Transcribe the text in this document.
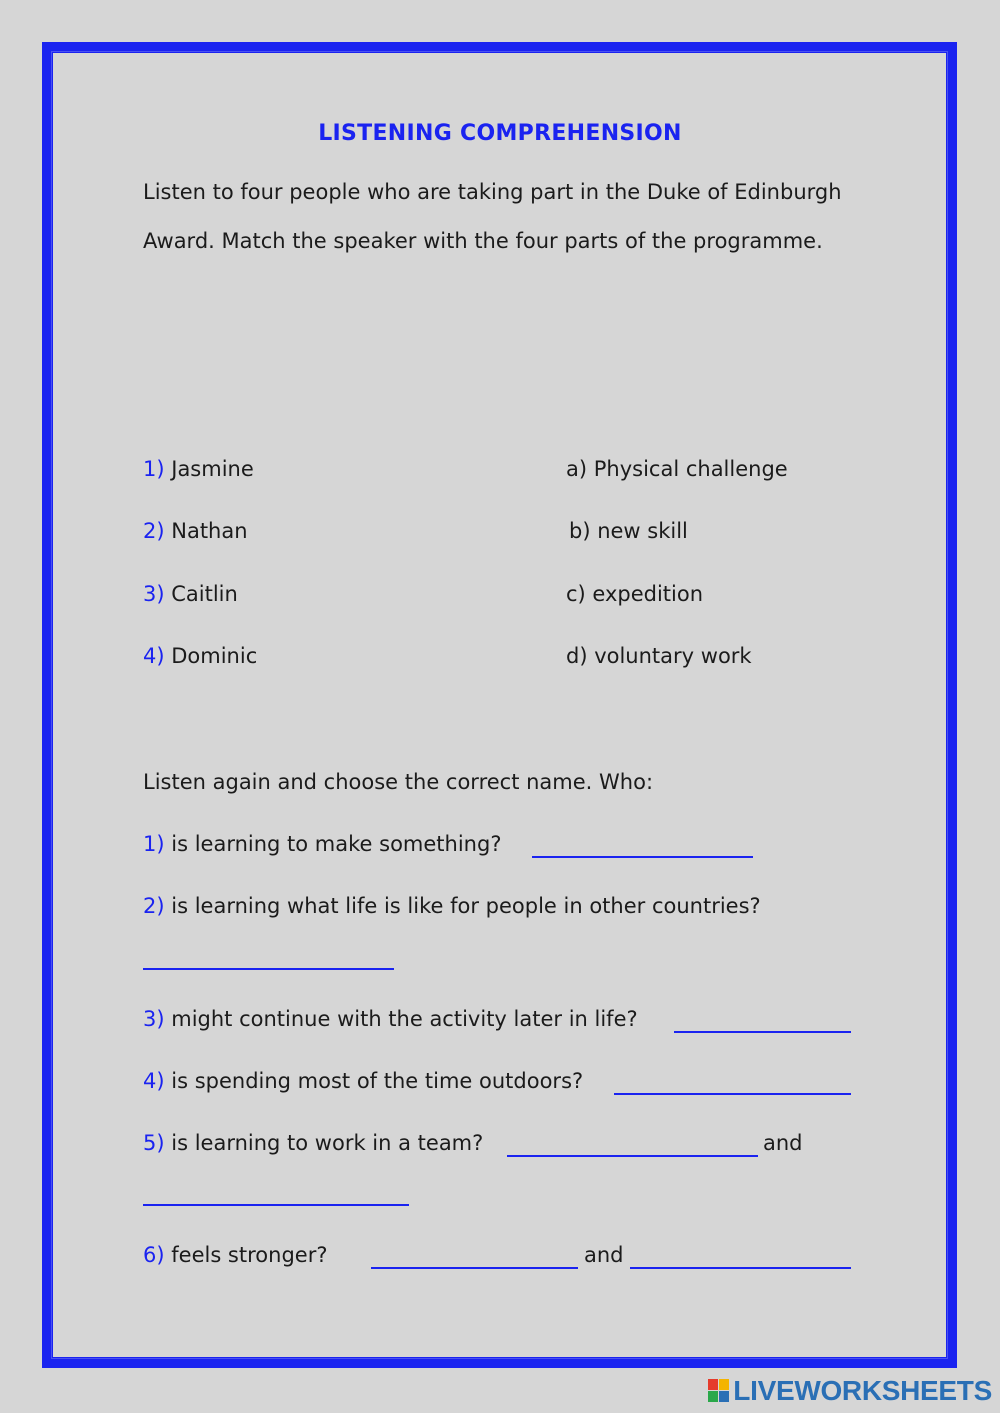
LISTENING COMPREHENSION

Listen to four people who are taking part in the Duke of Edinburgh Award. Match the speaker with the four parts of the programme.

1) Jasmine
2) Nathan
3) Caitlin
4) Dominic
a) Physical challenge
b) new skill
c) expedition
d) voluntary work
Listen again and choose the correct name. Who:
1) is learning to make something?
2) is learning what life is like for people in other countries?
3) might continue with the activity later in life?
4) is spending most of the time outdoors?
5) is learning to work in a team?	and
6) feels stronger?	and
LIVEWORKSHEETS
